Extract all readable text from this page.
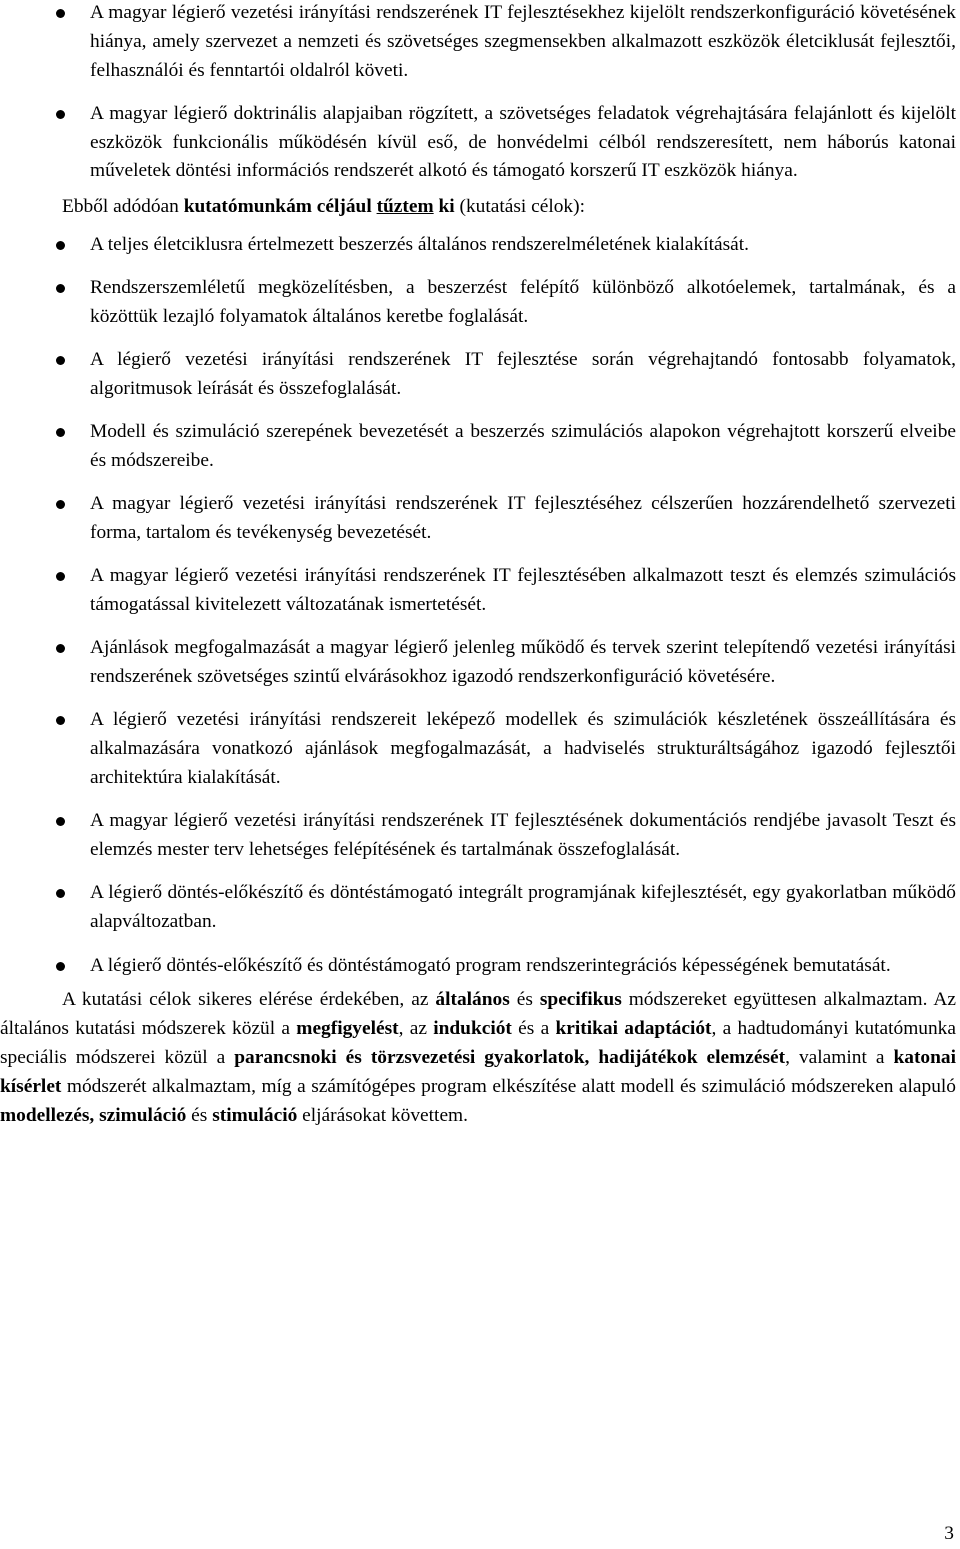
A magyar légierő vezetési irányítási rendszerének IT fejlesztésekhez kijelölt rendszerkonfiguráció követésének hiánya, amely szervezet a nemzeti és szövetséges szegmensekben alkalmazott eszközök életciklusát fejlesztői, felhasználói és fenntartói oldalról követi.
A magyar légierő doktrinális alapjaiban rögzített, a szövetséges feladatok végrehajtására felajánlott és kijelölt eszközök funkcionális működésén kívül eső, de honvédelmi célból rendszeresített, nem háborús katonai műveletek döntési információs rendszerét alkotó és támogató korszerű IT eszközök hiánya.

Ebből adódóan kutatómunkám céljául tűztem ki (kutatási célok):

A teljes életciklusra értelmezett beszerzés általános rendszerelméletének kialakítását.
Rendszerszemléletű megközelítésben, a beszerzést felépítő különböző alkotóelemek, tartalmának, és a közöttük lezajló folyamatok általános keretbe foglalását.
A légierő vezetési irányítási rendszerének IT fejlesztése során végrehajtandó fontosabb folyamatok, algoritmusok leírását és összefoglalását.
Modell és szimuláció szerepének bevezetését a beszerzés szimulációs alapokon végrehajtott korszerű elveibe és módszereibe.
A magyar légierő vezetési irányítási rendszerének IT fejlesztéséhez célszerűen hozzárendelhető szervezeti forma, tartalom és tevékenység bevezetését.
A magyar légierő vezetési irányítási rendszerének IT fejlesztésében alkalmazott teszt és elemzés szimulációs támogatással kivitelezett változatának ismertetését.
Ajánlások megfogalmazását a magyar légierő jelenleg működő és tervek szerint telepítendő vezetési irányítási rendszerének szövetséges szintű elvárásokhoz igazodó rendszerkonfiguráció követésére.
A légierő vezetési irányítási rendszereit leképező modellek és szimulációk készletének összeállítására és alkalmazására vonatkozó ajánlások megfogalmazását, a hadviselés strukturáltságához igazodó fejlesztői architektúra kialakítását.
A magyar légierő vezetési irányítási rendszerének IT fejlesztésének dokumentációs rendjébe javasolt Teszt és elemzés mester terv lehetséges felépítésének és tartalmának összefoglalását.
A légierő döntés-előkészítő és döntéstámogató integrált programjának kifejlesztését, egy gyakorlatban működő alapváltozatban.
A légierő döntés-előkészítő és döntéstámogató program rendszerintegrációs képességének bemutatását.

A kutatási célok sikeres elérése érdekében, az általános és specifikus módszereket együttesen alkalmaztam. Az általános kutatási módszerek közül a megfigyelést, az indukciót és a kritikai adaptációt, a hadtudományi kutatómunka speciális módszerei közül a parancsnoki és törzsvezetési gyakorlatok, hadijátékok elemzését, valamint a katonai kísérlet módszerét alkalmaztam, míg a számítógépes program elkészítése alatt modell és szimuláció módszereken alapuló modellezés, szimuláció és stimuláció eljárásokat követtem.

3
